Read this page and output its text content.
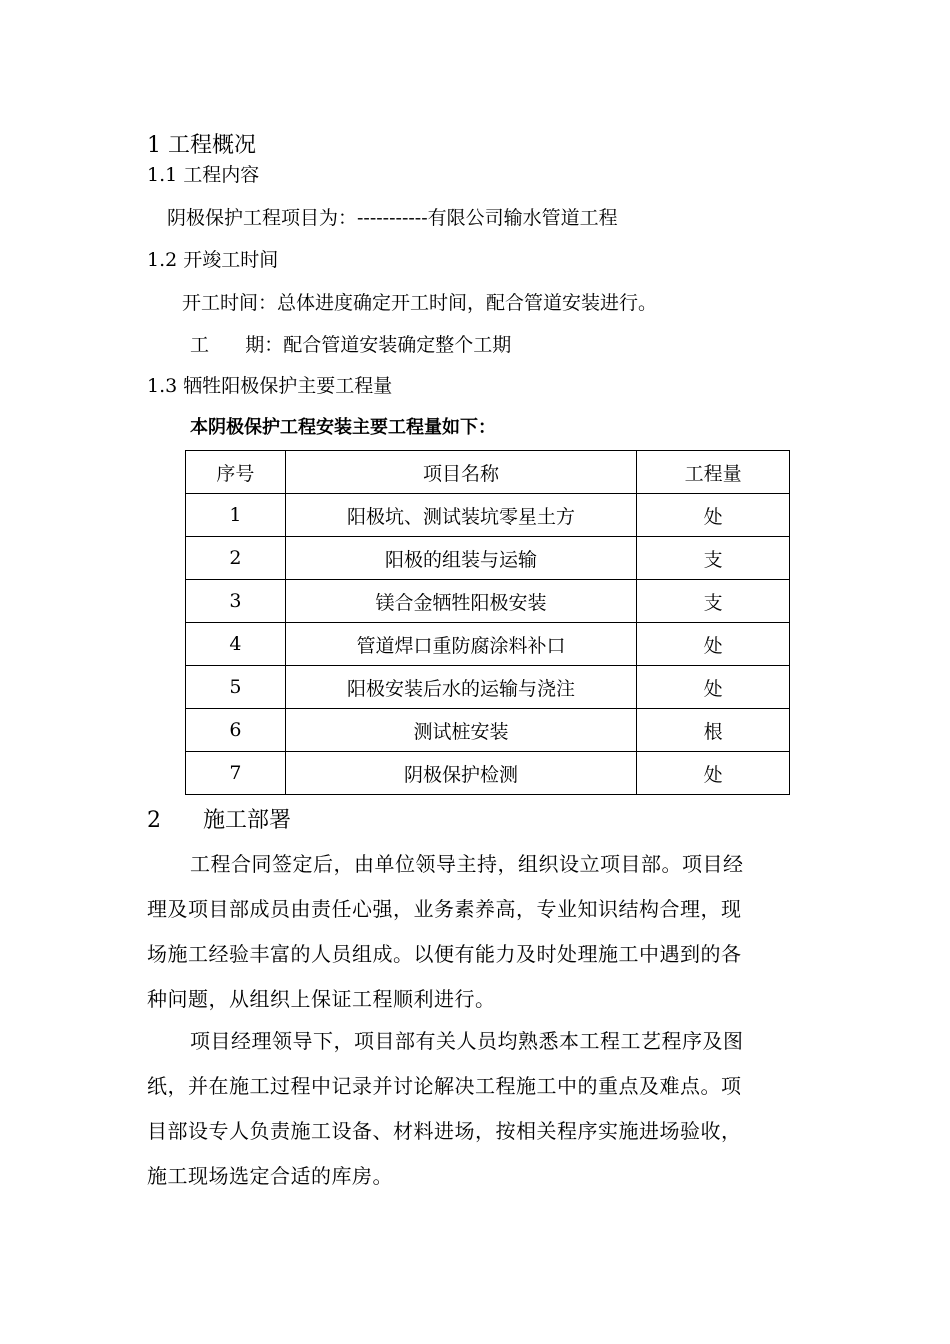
1 工程概况
1.1 工程内容
阴极保护工程项目为：-----------有限公司输水管道工程
1.2 开竣工时间
开工时间：总体进度确定开工时间，配合管道安装进行。
工      期：配合管道安装确定整个工期
1.3 牺牲阳极保护主要工程量
本阴极保护工程安装主要工程量如下：
序号	项目名称	工程量
1	阳极坑、测试装坑零星土方	处
2	阳极的组装与运输	支
3	镁合金牺牲阳极安装	支
4	管道焊口重防腐涂料补口	处
5	阳极安装后水的运输与浇注	处
6	测试桩安装	根
7	阴极保护检测	处
2      施工部署
工程合同签定后，由单位领导主持，组织设立项目部。项目经
理及项目部成员由责任心强，业务素养高，专业知识结构合理，现
场施工经验丰富的人员组成。以便有能力及时处理施工中遇到的各
种问题，从组织上保证工程顺利进行。
项目经理领导下，项目部有关人员均熟悉本工程工艺程序及图
纸，并在施工过程中记录并讨论解决工程施工中的重点及难点。项
目部设专人负责施工设备、材料进场，按相关程序实施进场验收，
施工现场选定合适的库房。
